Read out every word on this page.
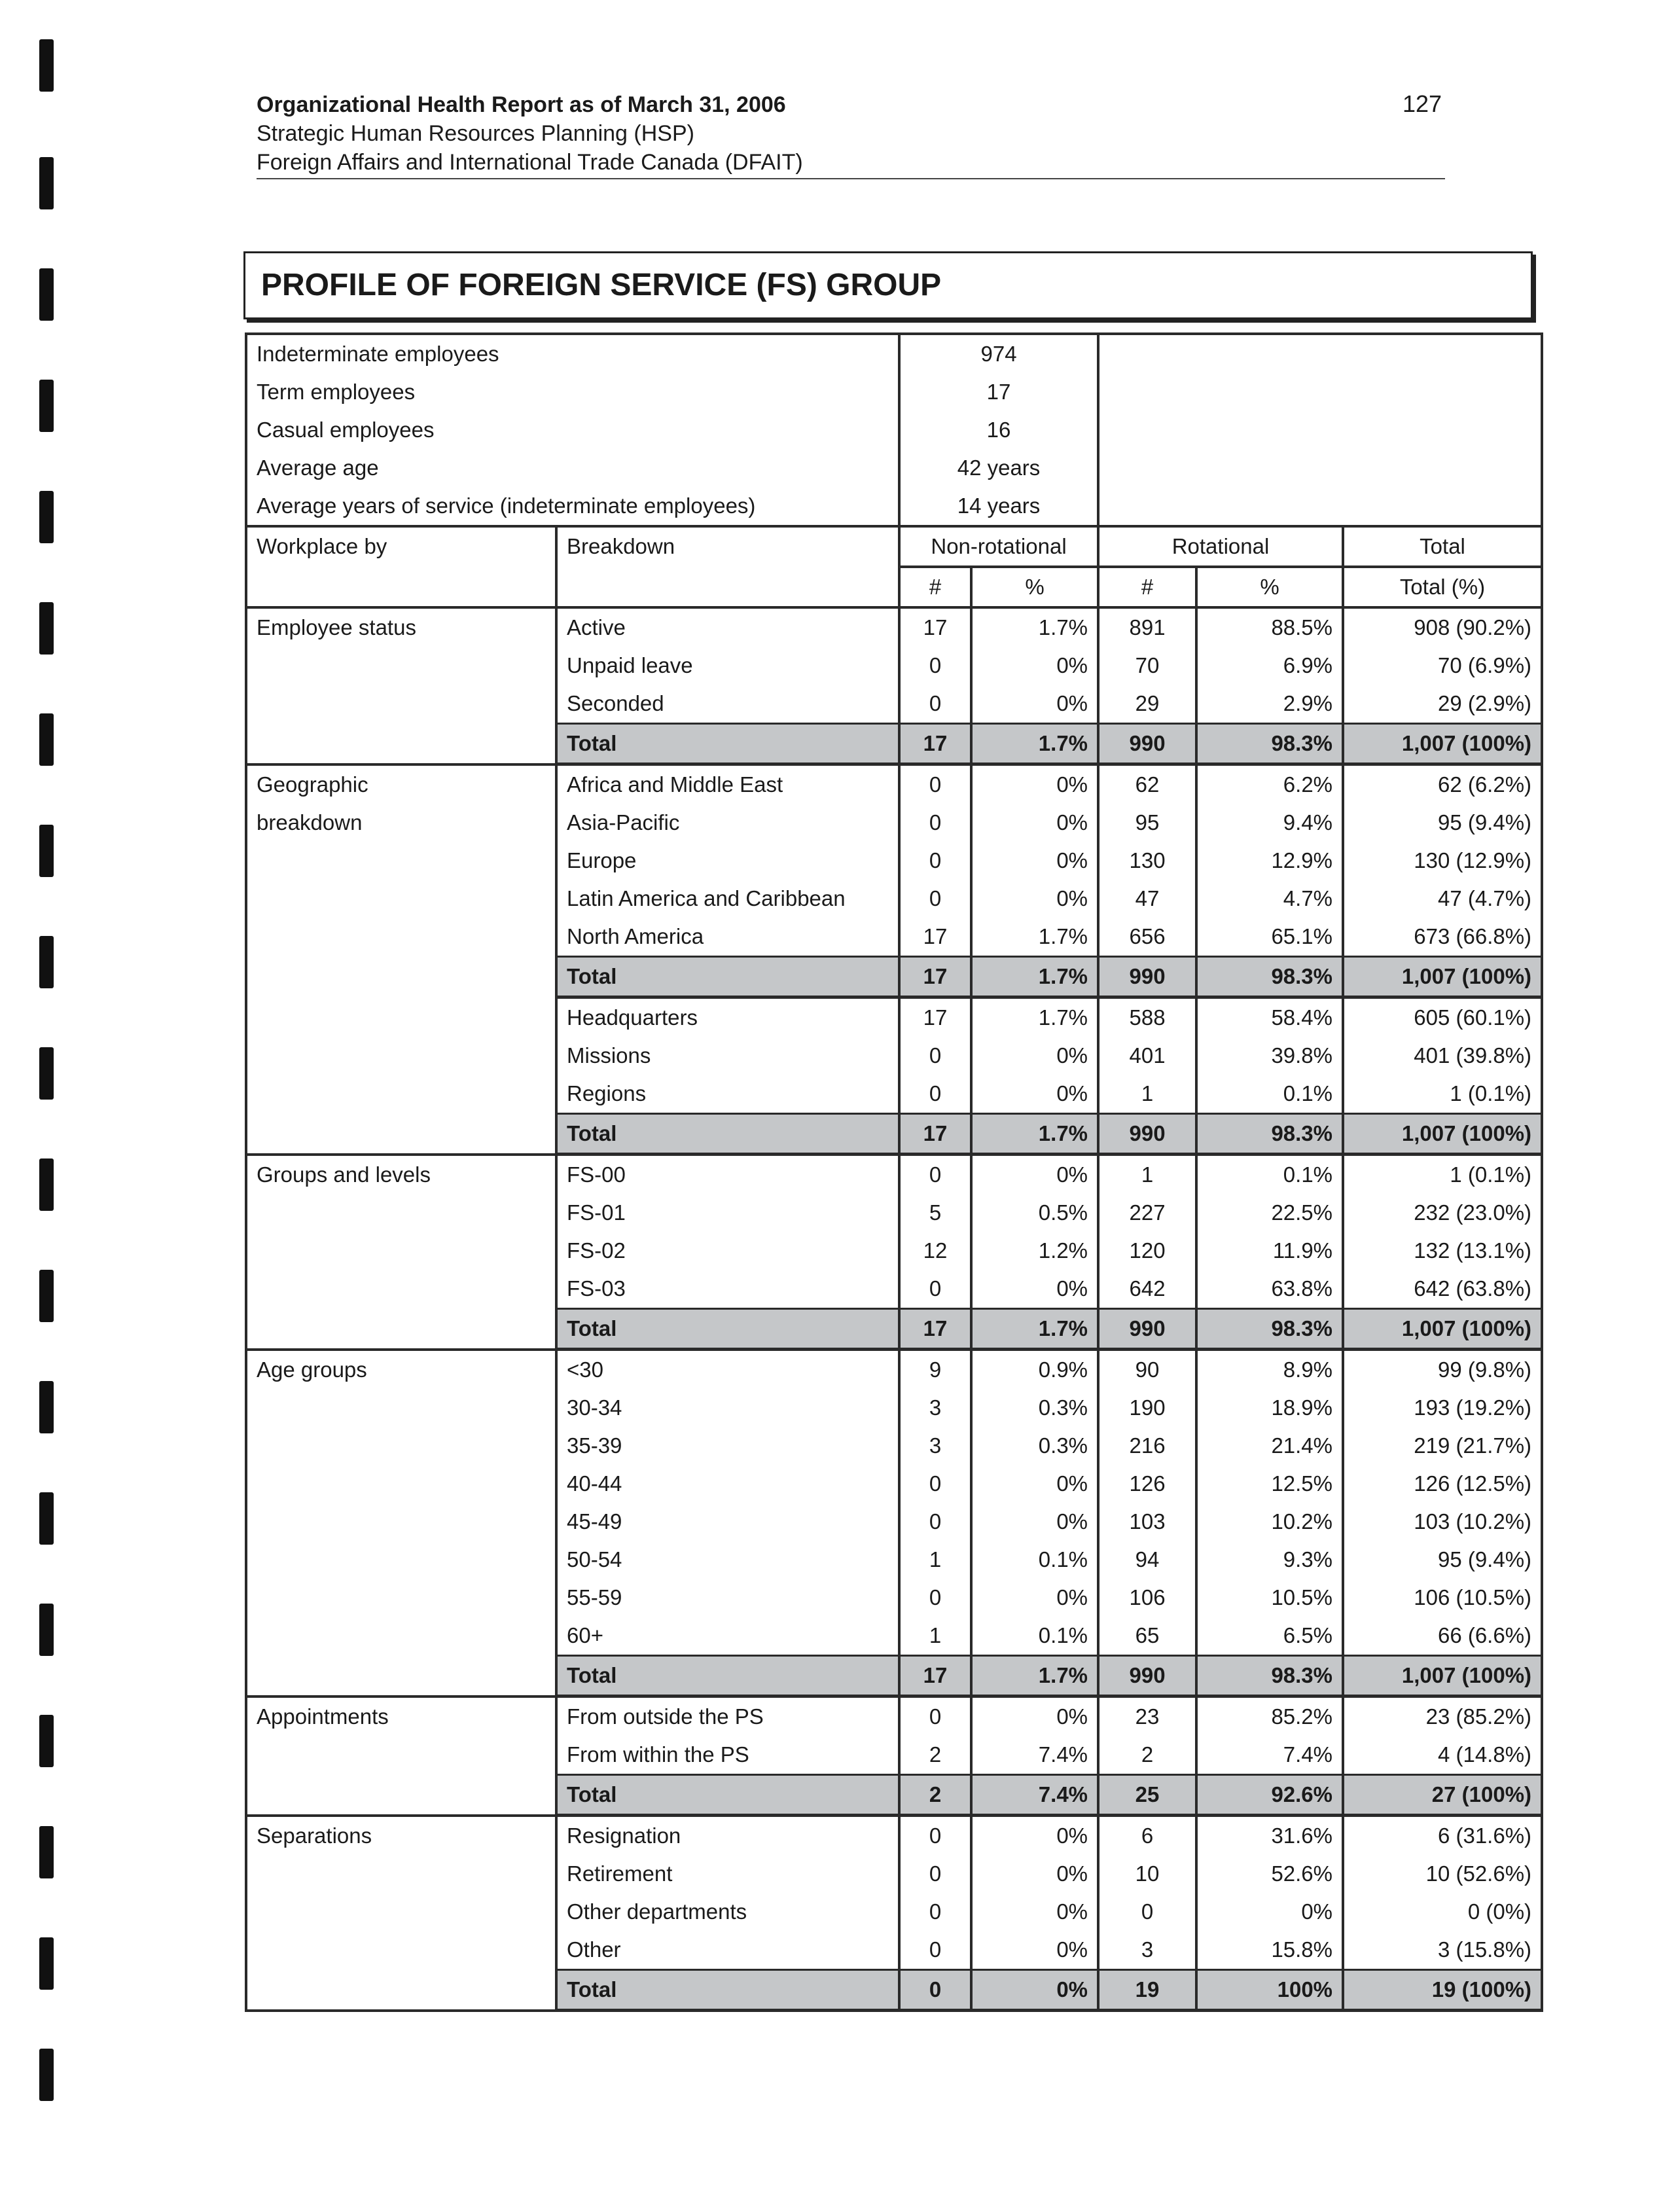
Organizational Health Report as of March 31, 2006
Strategic Human Resources Planning (HSP)
Foreign Affairs and International Trade Canada (DFAIT)
127
PROFILE OF FOREIGN SERVICE (FS) GROUP
Indeterminate employees		974				
Term employees		17				
Casual employees		16				
Average age		42 years				
Average years of service (indeterminate employees)		14 years				
Workplace by	Breakdown	Non-rotational		Rotational		Total
		#	%	#	%	Total (%)

Employee status	Active	17	1.7%	891	88.5%	908 (90.2%)
	Unpaid leave	0	0%	70	6.9%	70 (6.9%)
	Seconded	0	0%	29	2.9%	29 (2.9%)
	Total	17	1.7%	990	98.3%	1,007 (100%)

Geographic
breakdown	Africa and Middle East	0	0%	62	6.2%	62 (6.2%)
	Asia-Pacific	0	0%	95	9.4%	95 (9.4%)
	Europe	0	0%	130	12.9%	130 (12.9%)
	Latin America and Caribbean	0	0%	47	4.7%	47 (4.7%)
	North America	17	1.7%	656	65.1%	673 (66.8%)
	Total	17	1.7%	990	98.3%	1,007 (100%)
	Headquarters	17	1.7%	588	58.4%	605 (60.1%)
	Missions	0	0%	401	39.8%	401 (39.8%)
	Regions	0	0%	1	0.1%	1 (0.1%)
	Total	17	1.7%	990	98.3%	1,007 (100%)

Groups and levels	FS-00	0	0%	1	0.1%	1 (0.1%)
	FS-01	5	0.5%	227	22.5%	232 (23.0%)
	FS-02	12	1.2%	120	11.9%	132 (13.1%)
	FS-03	0	0%	642	63.8%	642 (63.8%)
	Total	17	1.7%	990	98.3%	1,007 (100%)

Age groups	<30	9	0.9%	90	8.9%	99 (9.8%)
	30-34	3	0.3%	190	18.9%	193 (19.2%)
	35-39	3	0.3%	216	21.4%	219 (21.7%)
	40-44	0	0%	126	12.5%	126 (12.5%)
	45-49	0	0%	103	10.2%	103 (10.2%)
	50-54	1	0.1%	94	9.3%	95 (9.4%)
	55-59	0	0%	106	10.5%	106 (10.5%)
	60+	1	0.1%	65	6.5%	66 (6.6%)
	Total	17	1.7%	990	98.3%	1,007 (100%)

Appointments	From outside the PS	0	0%	23	85.2%	23 (85.2%)
	From within the PS	2	7.4%	2	7.4%	4 (14.8%)
	Total	2	7.4%	25	92.6%	27 (100%)

Separations	Resignation	0	0%	6	31.6%	6 (31.6%)
	Retirement	0	0%	10	52.6%	10 (52.6%)
	Other departments	0	0%	0	0%	0 (0%)
	Other	0	0%	3	15.8%	3 (15.8%)
	Total	0	0%	19	100%	19 (100%)
